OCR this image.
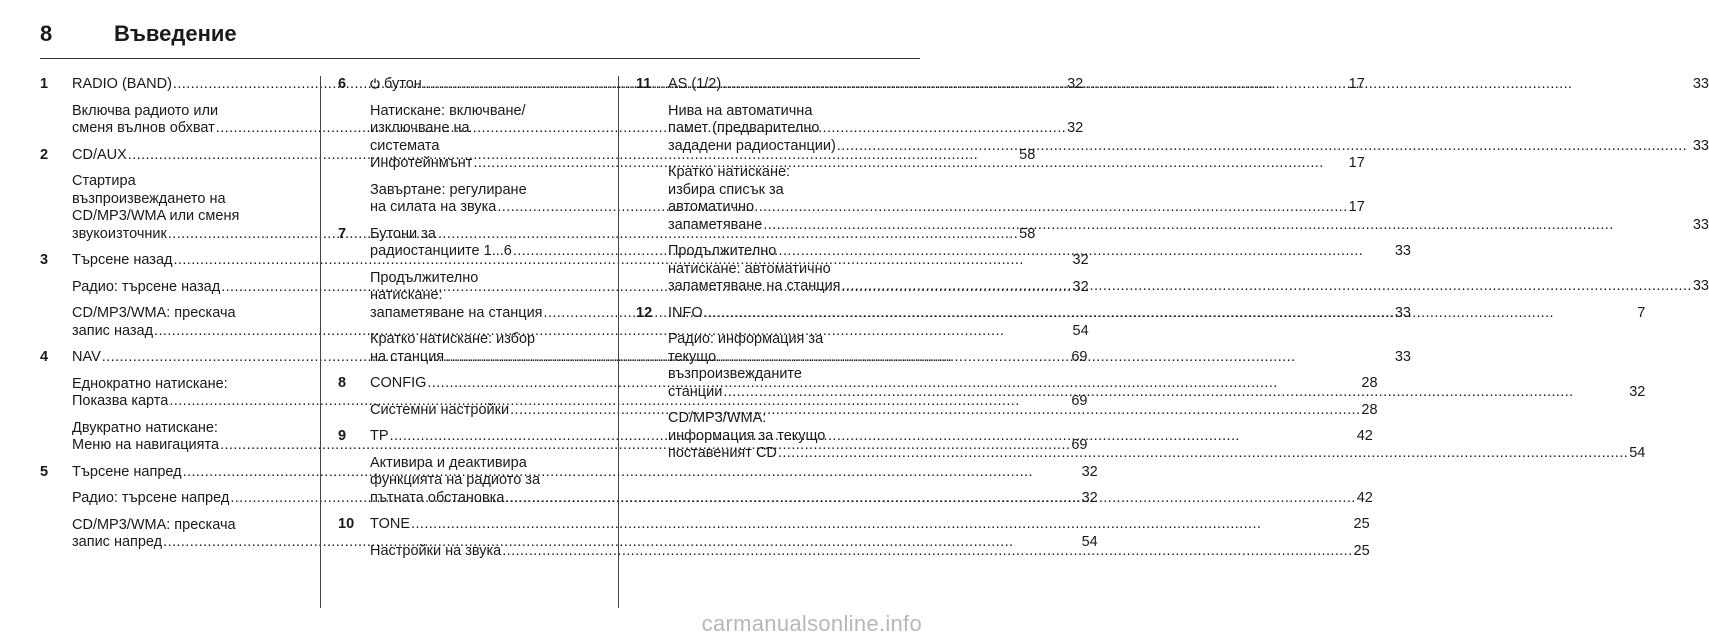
8	Въведение
1	RADIO (BAND) .....	32
Включва радиото или
сменя вълнов обхват .....	32
2	CD/AUX .....	58
Стартира
възпроизвеждането на
CD/MP3/WMA или сменя
звукоизточник .....	58
3	Търсене назад .....	32
Радио: търсене назад .....	32
CD/MP3/WMA: прескача
запис назад .....	54
4	NAV .....	69
Еднократно натискане:
Показва карта .....	69
Двукратно натискане:
Меню на навигацията .....	69
5	Търсене напред .....	32
Радио: търсене напред .....	32
CD/MP3/WMA: прескача
запис напред .....	54
6	бутон .....	17
Натискане: включване/
изключване на
системата
Инфотейнмънт .....	17
Завъртане: регулиране
на силата на звука .....	17
7	Бутони за
радиостанциите 1...6 .....	33
Продължително
натискане:
запаметяване на станция .....	33
Кратко натискане: избор
на станция .....	33
8	CONFIG .....	28
Системни настройки .....	28
9	TP .....	42
Активира и деактивира
функцията на радиото за
пътната обстановка .....	42
10	TONE .....	25
Настройки на звука .....	25
11	AS (1/2) .....	33
Нива на автоматична
памет (предварително
зададени радиостанции) .....	33
Кратко натискане:
избира списък за
автоматично
запаметяване .....	33
Продължително
натискане: автоматично
запаметяване на станция .....	33
12	INFO .....	7
Радио: информация за
текущо
възпроизвежданите
станции .....	32
CD/MP3/WMA:
информация за текущо
поставеният CD .....	54
carmanualsonline.info
